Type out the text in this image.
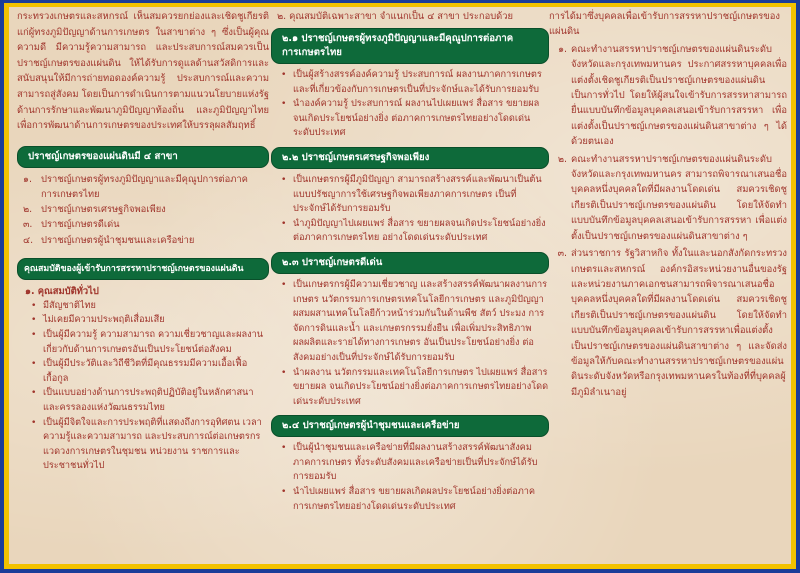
กระทรวงเกษตรและสหกรณ์ เห็นสมควรยกย่องและเชิดชูเกียรติแก่ผู้ทรงภูมิปัญญาด้านการเกษตร ในสาขาต่าง ๆ ซึ่งเป็นผู้คุณความดี มีความรู้ความสามารถ และประสบการณ์สมควรเป็นปราชญ์เกษตรของแผ่นดิน ให้ได้รับการดูแลด้านสวัสดิการและสนับสนุนให้มีการถ่ายทอดองค์ความรู้ ประสบการณ์และความสามารถสู่สังคม โดยเป็นการดำเนินการตามแนวนโยบายแห่งรัฐด้านการรักษาและพัฒนาภูมิปัญญาท้องถิ่น และภูมิปัญญาไทย เพื่อการพัฒนาด้านการเกษตรของประเทศให้บรรลุผลสัมฤทธิ์

ปราชญ์เกษตรของแผ่นดินมี ๔ สาขา
๑. ปราชญ์เกษตรผู้ทรงภูมิปัญญาและมีคุณูปการต่อภาคการเกษตรไทย
๒. ปราชญ์เกษตรเศรษฐกิจพอเพียง
๓. ปราชญ์เกษตรดีเด่น
๔. ปราชญ์เกษตรผู้นำชุมชนและเครือข่าย
คุณสมบัติของผู้เข้ารับการสรรหาปราชญ์เกษตรของแผ่นดิน
๑. คุณสมบัติทั่วไป
• มีสัญชาติไทย
• ไม่เคยมีความประพฤติเสื่อมเสีย
• เป็นผู้มีความรู้ ความสามารถ ความเชี่ยวชาญและผลงานเกี่ยวกับด้านการเกษตรอันเป็นประโยชน์ต่อสังคม
• เป็นผู้มีประวัติและวิถีชีวิตที่มีคุณธรรมมีความเอื้อเฟื้อเกื้อกูล
• เป็นแบบอย่างด้านการประพฤติปฏิบัติอยู่ในหลักศาสนาและครรลองแห่งวัฒนธรรมไทย
• เป็นผู้มีจิตใจและการประพฤติที่แสดงถึงการอุทิศตน เวลา ความรู้และความสามารถ และประสบการณ์ต่อเกษตรกร แวดวงการเกษตรในชุมชน หน่วยงาน ราชการและประชาชนทั่วไป
๒. คุณสมบัติเฉพาะสาขา จำแนกเป็น ๔ สาขา ประกอบด้วย
๒.๑ ปราชญ์เกษตรผู้ทรงภูมิปัญญาและมีคุณูปการต่อภาคการเกษตรไทย
• เป็นผู้สร้างสรรค์องค์ความรู้ ประสบการณ์ ผลงานภาคการเกษตร และที่เกี่ยวข้องกับการเกษตรเป็นที่ประจักษ์และได้รับการยอมรับ
• นำองค์ความรู้ ประสบการณ์ ผลงานไปเผยแพร่ สื่อสาร ขยายผลจนเกิดประโยชน์อย่างยิ่ง ต่อภาคการเกษตรไทยอย่างโดดเด่นระดับประเทศ
๒.๒ ปราชญ์เกษตรเศรษฐกิจพอเพียง
• เป็นเกษตรกรผู้มีภูมิปัญญา สามารถสร้างสรรค์และพัฒนาเป็นต้นแบบปรัชญาการใช้เศรษฐกิจพอเพียงภาคการเกษตร เป็นที่ประจักษ์ได้รับการยอมรับ
• นำภูมิปัญญาไปเผยแพร่ สื่อสาร ขยายผลจนเกิดประโยชน์อย่างยิ่งต่อภาคการเกษตรไทย อย่างโดดเด่นระดับประเทศ
๒.๓ ปราชญ์เกษตรดีเด่น
• เป็นเกษตรกรผู้มีความเชี่ยวชาญ และสร้างสรรค์พัฒนาผลงานการเกษตร นวัตกรรมการเกษตรเทคโนโลยีการเกษตร และภูมิปัญญาผสมผสานเทคโนโลยีก้าวหน้าร่วมกันในด้านพืช สัตว์ ประมง การจัดการดินและน้ำ และเกษตรกรรมยั่งยืน เพื่อเพิ่มประสิทธิภาพผลผลิตและรายได้ทางการเกษตร อันเป็นประโยชน์อย่างยิ่ง ต่อสังคมอย่างเป็นที่ประจักษ์ได้รับการยอมรับ
• นำผลงาน นวัตกรรมและเทคโนโลยีการเกษตร ไปเผยแพร่ สื่อสาร ขยายผล จนเกิดประโยชน์อย่างยิ่งต่อภาคการเกษตรไทยอย่างโดดเด่นระดับประเทศ
๒.๔ ปราชญ์เกษตรผู้นำชุมชนและเครือข่าย
• เป็นผู้นำชุมชนและเครือข่ายที่มีผลงานสร้างสรรค์พัฒนาสังคมภาคการเกษตร ทั้งระดับสังคมและเครือข่ายเป็นที่ประจักษ์ได้รับการยอมรับ
• นำไปเผยแพร่ สื่อสาร ขยายผลเกิดผลประโยชน์อย่างยิ่งต่อภาคการเกษตรไทยอย่างโดดเด่นระดับประเทศ

การได้มาซึ่งบุคคลเพื่อเข้ารับการสรรหาปราชญ์เกษตรของแผ่นดิน

๑. คณะทำงานสรรหาปราชญ์เกษตรของแผ่นดินระดับจังหวัดและกรุงเทพมหานคร ประกาศสรรหาบุคคลเพื่อแต่งตั้งเชิดชูเกียรติเป็นปราชญ์เกษตรของแผ่นดินเป็นการทั่วไป โดยให้ผู้สนใจเข้ารับการสรรหาสามารถยื่นแบบบันทึกข้อมูลบุคคลเสนอเข้ารับการสรรหา เพื่อแต่งตั้งเป็นปราชญ์เกษตรของแผ่นดินสาขาต่าง ๆ ได้ด้วยตนเอง

๒. คณะทำงานสรรหาปราชญ์เกษตรของแผ่นดินระดับจังหวัดและกรุงเทพมหานคร สามารถพิจารณาเสนอชื่อบุคคลหนึ่งบุคคลใดที่มีผลงานโดดเด่น สมควรเชิดชูเกียรติเป็นปราชญ์เกษตรของแผ่นดิน โดยให้จัดทำแบบบันทึกข้อมูลบุคคลเสนอเข้ารับการสรรหา เพื่อแต่งตั้งเป็นปราชญ์เกษตรของแผ่นดินสาขาต่าง ๆ

๓. ส่วนราชการ รัฐวิสาหกิจ ทั้งในและนอกสังกัดกระทรวงเกษตรและสหกรณ์ องค์กรอิสระหน่วยงานอื่นของรัฐ และหน่วยงานภาคเอกชนสามารถพิจารณาเสนอชื่อบุคคลหนึ่งบุคคลใดที่มีผลงานโดดเด่น สมควรเชิดชูเกียรติเป็นปราชญ์เกษตรของแผ่นดิน โดยให้จัดทำแบบบันทึกข้อมูลบุคคลเข้ารับการสรรหาเพื่อแต่งตั้งเป็นปราชญ์เกษตรของแผ่นดินสาขาต่าง ๆ และจัดส่งข้อมูลให้กับคณะทำงานสรรหาปราชญ์เกษตรของแผ่นดินระดับจังหวัดหรือกรุงเทพมหานครในท้องที่ที่บุคคลผู้มีภูมิลำเนาอยู่
